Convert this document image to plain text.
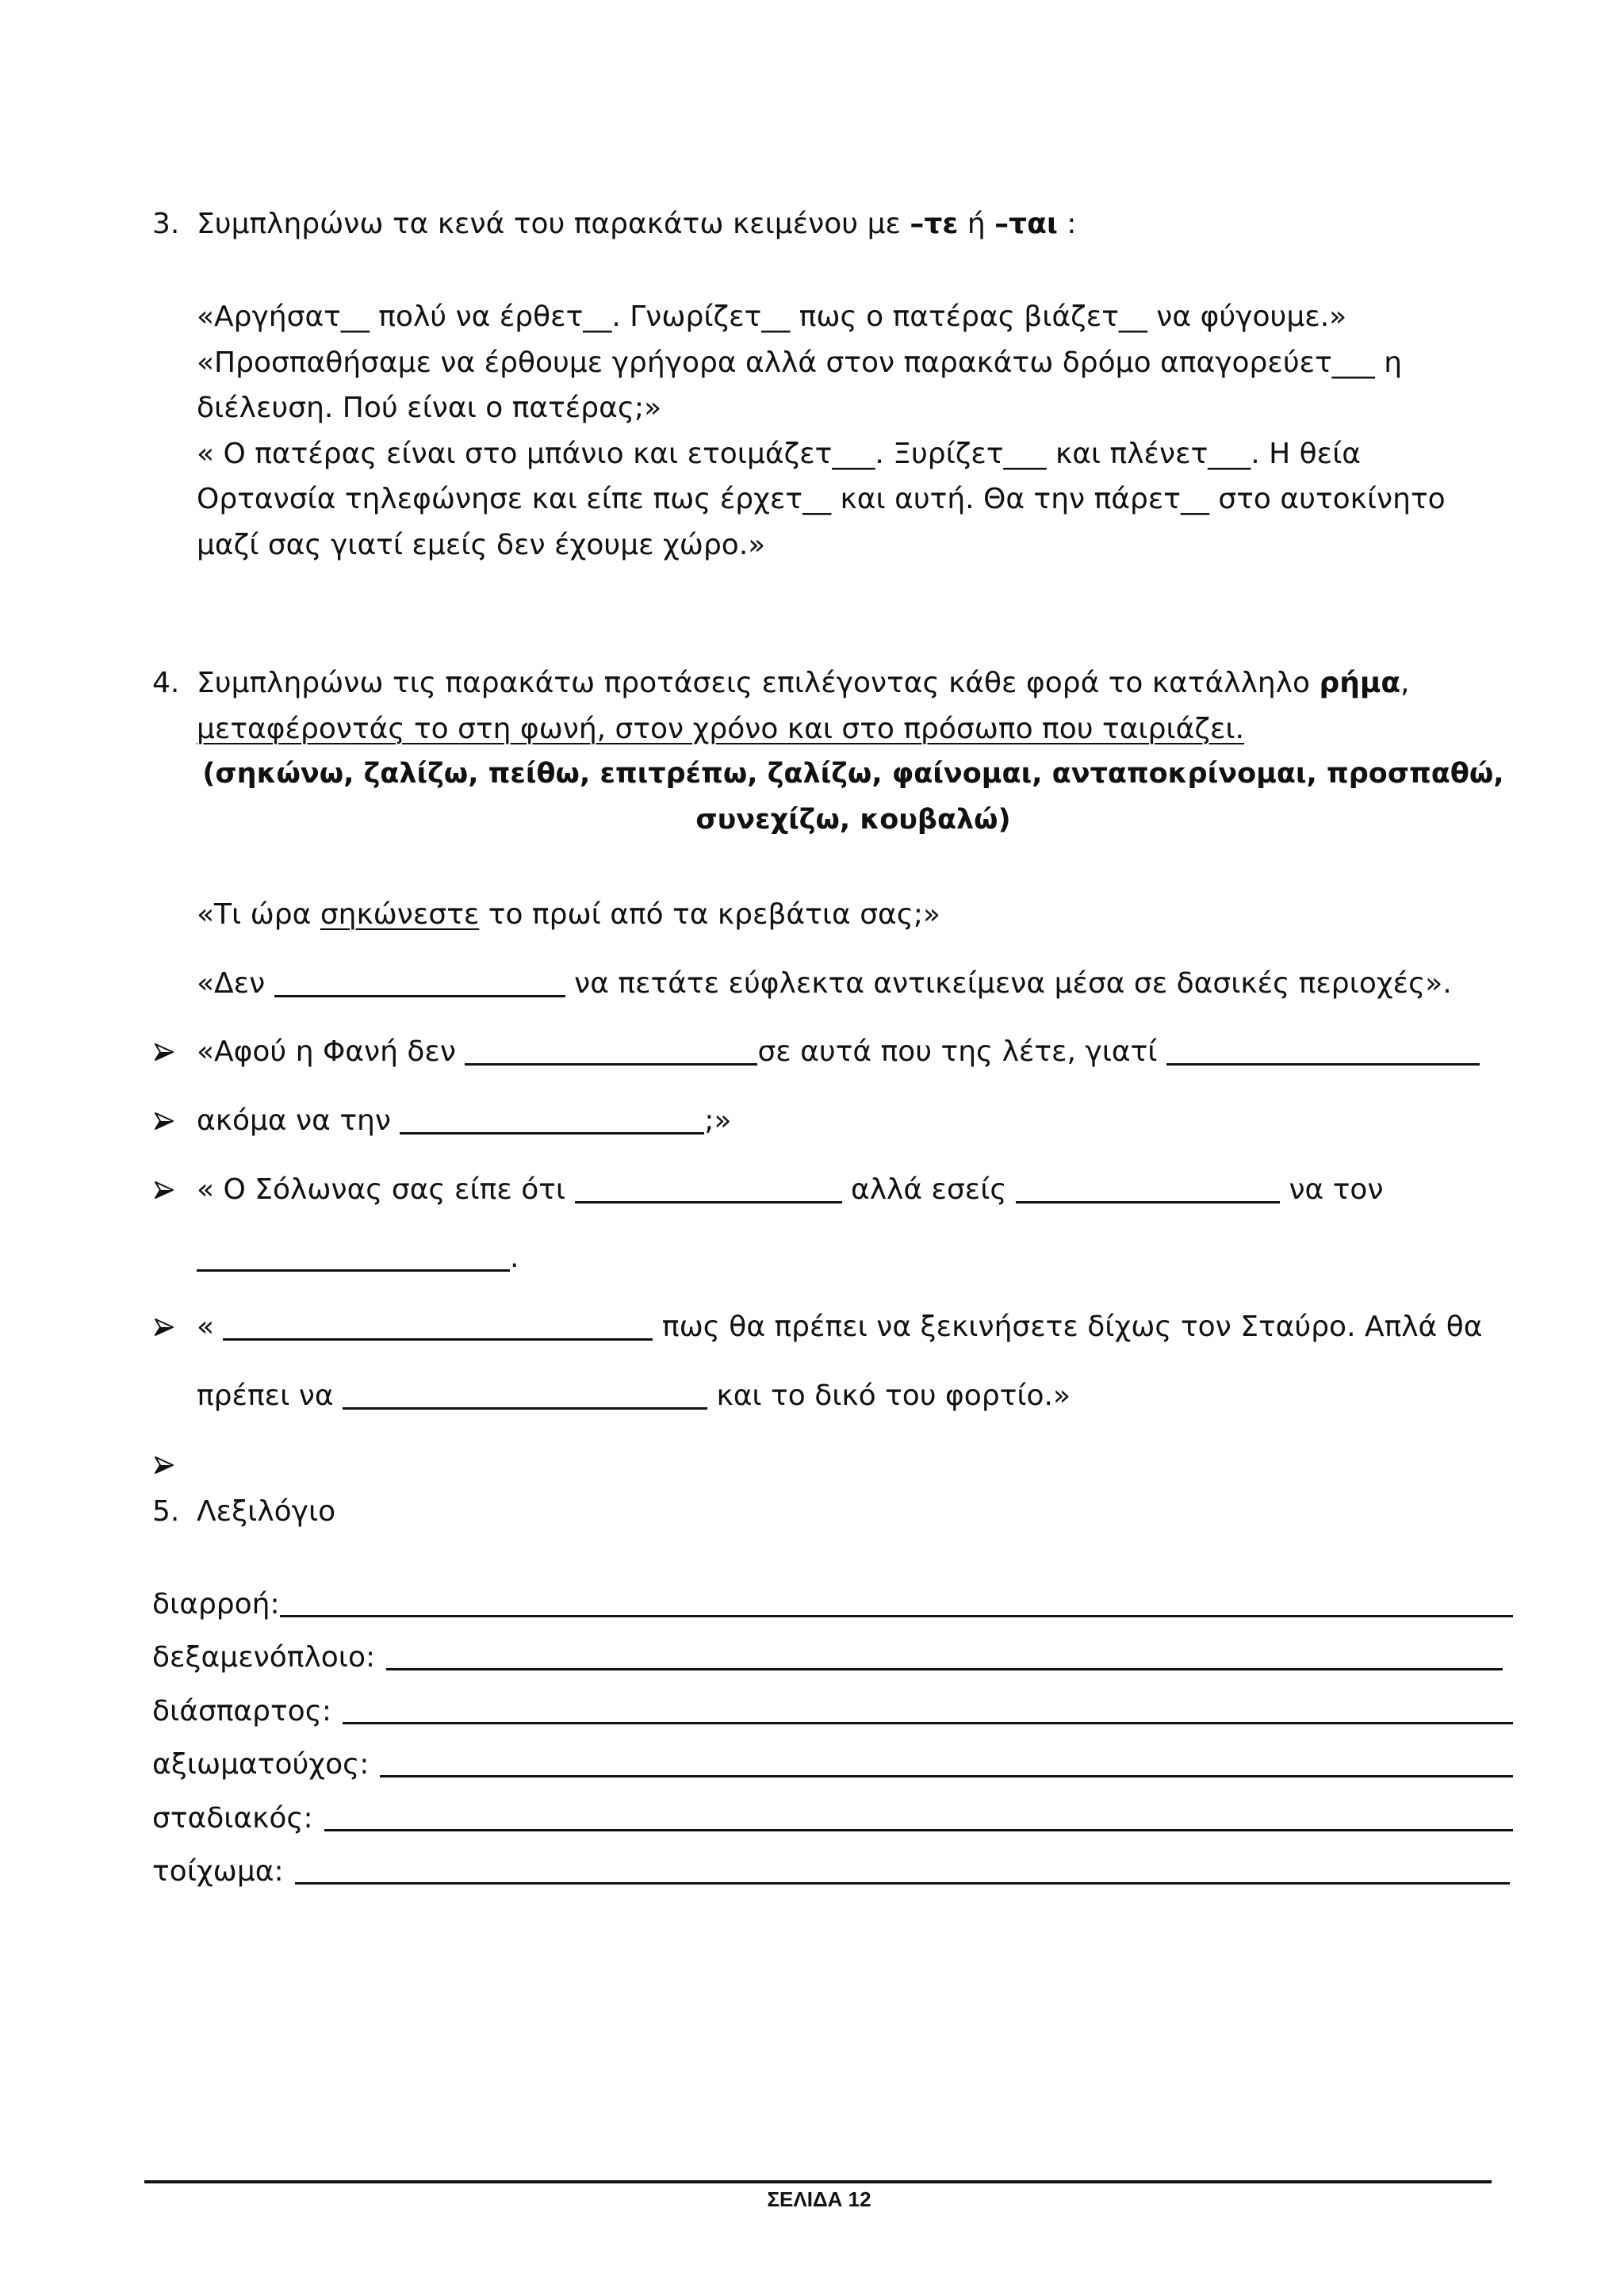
3.

Συμπληρώνω τα κενά του παρακάτω κειμένου με –τε ή –ται :

«Αργήσατ__ πολύ να έρθετ__. Γνωρίζετ__ πως ο πατέρας βιάζετ__ να φύγουμε.»
«Προσπαθήσαμε να έρθουμε γρήγορα αλλά στον παρακάτω δρόμο απαγορεύετ___ η
διέλευση. Πού είναι ο πατέρας;»
« Ο πατέρας είναι στο μπάνιο και ετοιμάζετ___. Ξυρίζετ___ και πλένετ___. Η θεία
Ορτανσία τηλεφώνησε και είπε πως έρχετ__ και αυτή. Θα την πάρετ__ στο αυτοκίνητο
μαζί σας γιατί εμείς δεν έχουμε χώρο.»

4.

Συμπληρώνω τις παρακάτω προτάσεις επιλέγοντας κάθε φορά το κατάλληλο ρήμα,

μεταφέροντάς το στη φωνή, στον χρόνο και στο πρόσωπο που ταιριάζει.

(σηκώνω, ζαλίζω, πείθω, επιτρέπω, ζαλίζω, φαίνομαι, ανταποκρίνομαι, προσπαθώ,

συνεχίζω, κουβαλώ)

«Τι ώρα σηκώνεστε το πρωί από τα κρεβάτια σας;»

«Δεν	να πετάτε εύφλεκτα αντικείμενα μέσα σε δασικές περιοχές».

«Αφού η Φανή δεν	σε αυτά που της λέτε, γιατί

ακόμα να την	;»

« Ο Σόλωνας σας είπε ότι	αλλά εσείς	να τον

.

«	πως θα πρέπει να ξεκινήσετε δίχως τον Σταύρο. Απλά θα

πρέπει να	και το δικό του φορτίο.»

5.

Λεξιλόγιο

διαρροή:
δεξαμενόπλοιο:
διάσπαρτος:
αξιωματούχος:
σταδιακός:
τοίχωμα:
ΣΕΛΙΔΑ 12
